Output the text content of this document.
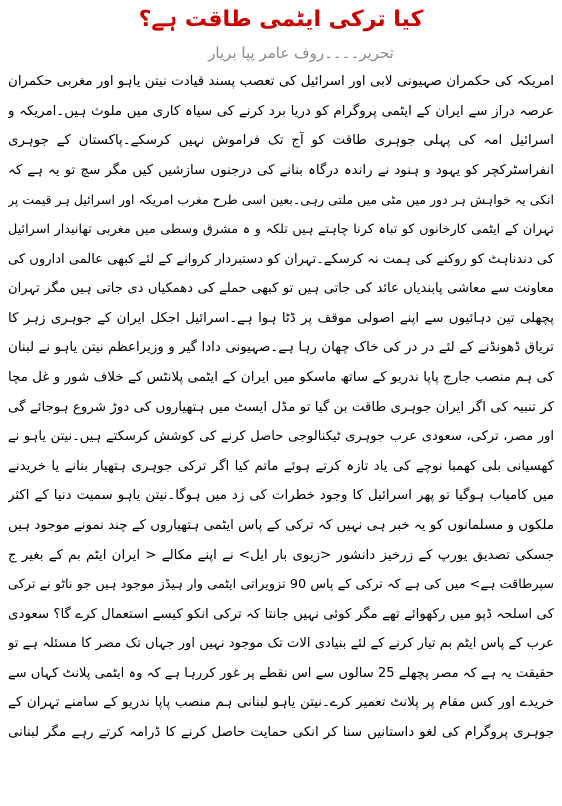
کیا ترکی ایٹمی طاقت ہے؟
تحریر۔۔۔۔روف عامر پپا بریار
امریکہ کی حکمران صہیونی لابی اور اسرائیل کی تعصب پسند قیادت نیتن یاہو اور مغربی حکمران
عرصہ دراز سے ایران کے ایٹمی پروگرام کو دریا برد کرنے کی سیاہ کاری میں ملوث ہیں۔امریکہ و
اسرائیل امہ کی پہلی جوہری طاقت کو آج تک فراموش نہیں کرسکے۔پاکستان کے جوہری
انفراسٹرکچر کو یہود و ہنود نے راندہ درگاہ بنانے کی درجنوں سازشیں کیں مگر سچ تو یہ ہے کہ
انکی یہ خواہش ہر دور میں مٹی میں ملتی رہی۔بعین اسی طرح مغرب امریکہ اور اسرائیل ہر قیمت پر
تہران کے ایٹمی کارخانوں کو تباہ کرنا چاہتے ہیں تلکہ و ہ مشرق وسطی میں مغربی تھانیدار اسرائیل
کی دندناہٹ کو روکنے کی ہمت نہ کرسکے۔تہران کو دستبردار کروانے کے لئے کبھی عالمی اداروں کی
معاونت سے معاشی پابندیاں عائد کی جاتی ہیں تو کبھی حملے کی دھمکیاں دی جاتی ہیں مگر تہران
پچھلی تین دہائیوں سے اپنے اصولی موقف پر ڈٹا ہوا ہے۔اسرائیل اجکل ایران کے جوہری زہر کا
تریاق ڈھونڈنے کے لئے در در کی خاک چھان رہا ہے۔صہیونی دادا گیر و وزیراعظم نیتن یاہو نے لبنان
کی ہم منصب جارج پاپا ندریو کے ساتھ ماسکو میں ایران کے ایٹمی پلانٹس کے خلاف شور و غل مچا
کر تنبیہ کی اگر ایران جوہری طاقت بن گیا تو مڈل ایسٹ میں ہتھیاروں کی دوڑ شروع ہوجائے گی
اور مصر، ترکی، سعودی عرب جوہری ٹیکنالوجی حاصل کرنے کی کوشش کرسکتے ہیں۔نیتن یاہو نے
کھسیانی بلی کھمبا نوچے کی یاد تازہ کرتے ہوئے ماتم کیا اگر ترکی جوہری ہتھیار بنانے یا خریدنے
میں کامیاب ہوگیا تو پھر اسرائیل کا وجود خطرات کی زد میں ہوگا۔نیتن یاہو سمیت دنیا کے اکثر
ملکوں و مسلمانوں کو یہ خبر ہی نہیں کہ ترکی کے پاس ایٹمی ہتھیاروں کے چند نمونے موجود ہیں
جسکی تصدیق یورپ کے زرخیز دانشور <زیوی بار ایل> نے اپنے مکالے < ایران ایٹم بم کے بغیر ج
سپرطاقت ہے> میں کی ہے کہ ترکی کے پاس 90 تزویراتی ایٹمی وار ہیڈز موجود ہیں جو ناٹو نے ترکی
کی اسلحہ ڈپو میں رکھوائے تھے مگر کوئی نہیں جانتا کہ ترکی انکو کیسے استعمال کرے گا؟ سعودی
عرب کے پاس ایٹم بم تیار کرنے کے لئے بنیادی الات تک موجود نہیں اور جہاں تک مصر کا مسئلہ ہے تو
حقیقت یہ ہے کہ مصر پچھلے 25 سالوں سے اس نقطے پر غور کررہا ہے کہ وہ ایٹمی پلانٹ کہاں سے
خریدے اور کس مقام پر پلانٹ تعمیر کرے۔نیتن یاہو لبنانی ہم منصب پاپا ندریو کے سامنے تہران کے
جوہری پروگرام کی لغو داستانیں سنا کر انکی حمایت حاصل کرنے کا ڈرامہ کرتے رہے مگر لبنانی
